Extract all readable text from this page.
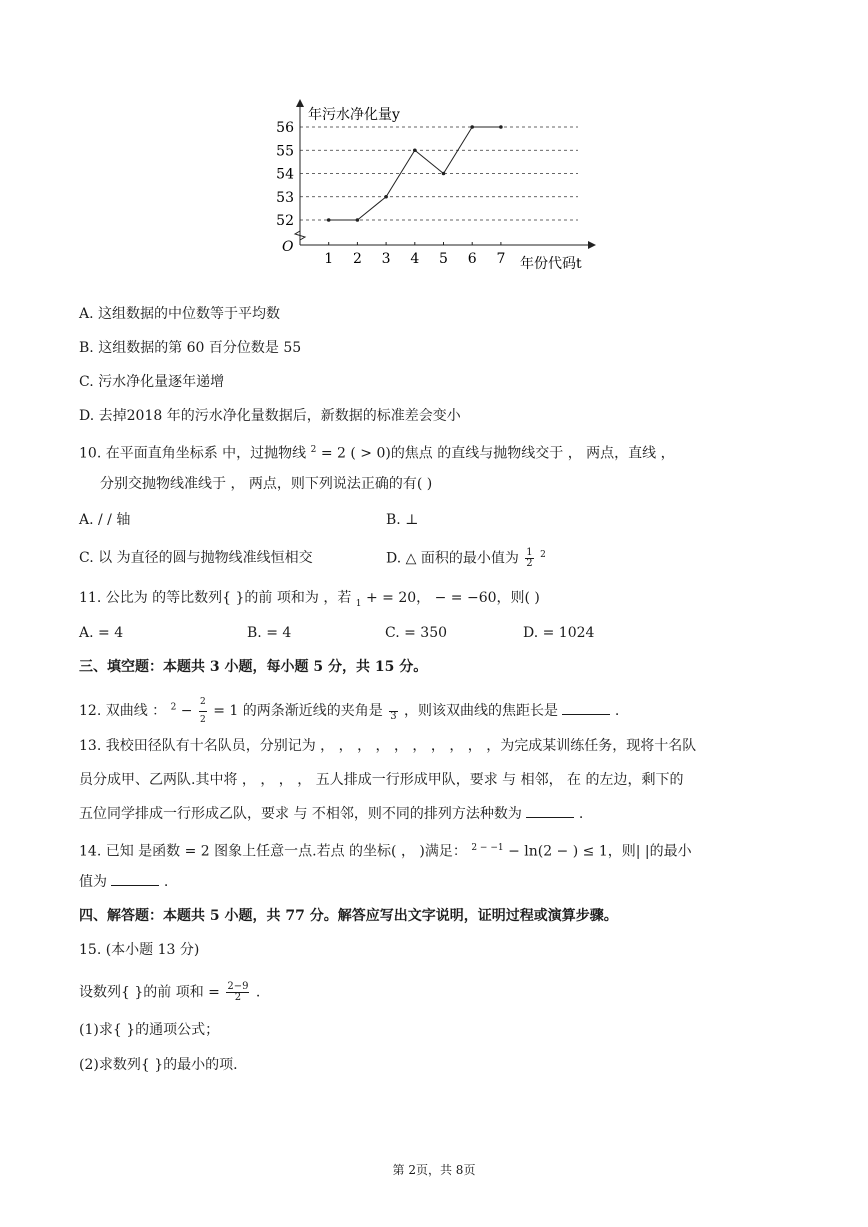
52
53
54
55
56
1 2 3 4 5 6 7
年污水净化量y
年份代码t
O
A. 这组数据的中位数等于平均数
B. 这组数据的第 60 百分位数是 55
C. 污水净化量逐年递增
D. 去掉2018 年的污水净化量数据后，新数据的标准差会变小
10. 在平面直角坐标系 中，过抛物线 $^2$ = 2 ( > 0)的焦点 的直线与抛物线交于 ， 两点，直线 ，
分别交抛物线准线于 ， 两点，则下列说法正确的有( )
A. / / 轴	B. ⊥
C. 以 为直径的圆与抛物线准线恒相交	D. △ 面积的最小值为 $\frac{1}{2} ^2$
11. 公比为 的等比数列{ }的前 项和为 ，若 $_1$ + = 20， − = −60，则( )
A. = 4	B. = 4	C. = 350	D. = 1024
三、填空题：本题共 3 小题，每小题 5 分，共 15 分。
12. 双曲线 ： $^2 - \frac{2}{2} = 1$ 的两条渐近线的夹角是
3 ，则该双曲线的焦距长是	.
13. 我校田径队有十名队员，分别记为 ， ， ， ， ， ， ， ， ， ，为完成某训练任务，现将十名队
员分成甲、乙两队.其中将 ， ， ， ， 五人排成一行形成甲队，要求 与 相邻， 在 的左边，剩下的
五位同学排成一行形成乙队，要求 与 不相邻，则不同的排列方法种数为	.
14. 已知 是函数 = 2 图象上任意一点.若点 的坐标( ， )满足： $^{2 - -1}$ − ln(2 − ) ≤ 1，则| |的最小
值为	.
四、解答题：本题共 5 小题，共 77 分。解答应写出文字说明，证明过程或演算步骤。
15. (本小题 13 分)
设数列{ }的前 项和 = $\frac{2-9}{2}$ .
(1)求{ }的通项公式；
(2)求数列{ }的最小的项.
第 2页，共 8页
